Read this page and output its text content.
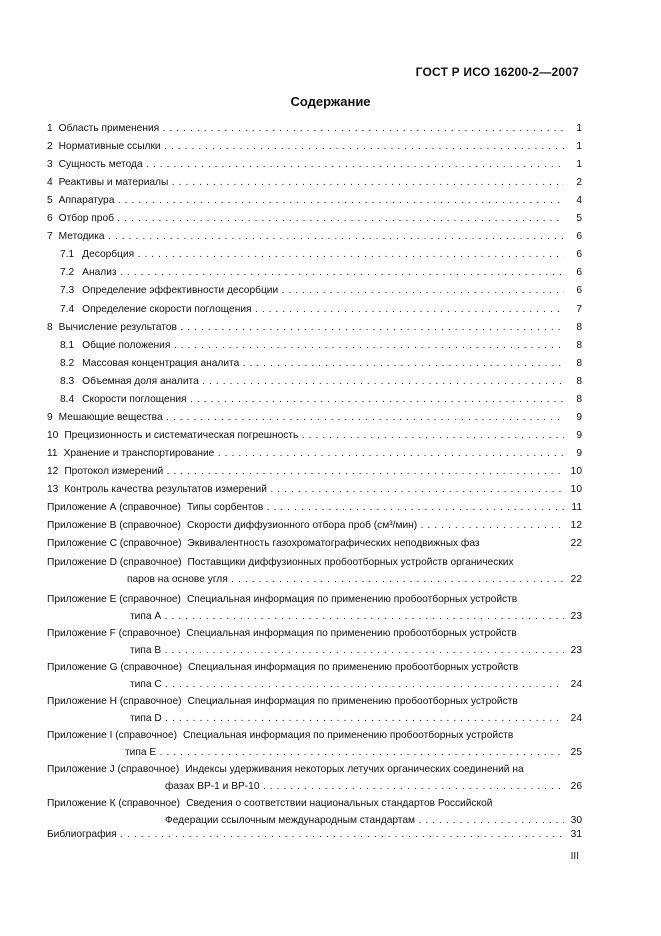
ГОСТ Р ИСО 16200-2—2007
Содержание
1 Область применения . . .	1
2 Нормативные ссылки . . .	1
3 Сущность метода . . .	1
4 Реактивы и материалы . . .	2
5 Аппаратура . . .	4
6 Отбор проб . . .	5
7 Методика . . .	6
7.1 Десорбция . . .	6
7.2 Анализ . . .	6
7.3 Определение эффективности десорбции . . .	6
7.4 Определение скорости поглощения . . .	7
8 Вычисление результатов . . .	8
8.1 Общие положения . . .	8
8.2 Массовая концентрация аналита . . .	8
8.3 Объемная доля аналита . . .	8
8.4 Скорости поглощения . . .	8
9 Мешающие вещества . . .	9
10 Прецизионность и систематическая погрешность . . .	9
11 Хранение и транспортирование . . .	9
12 Протокол измерений . . .	10
13 Контроль качества результатов измерений . . .	10
Приложение А (справочное) Типы сорбентов . . .	11
Приложение В (справочное) Скорости диффузионного отбора проб (см³/мин) . . .	12
Приложение С (справочное) Эквивалентность газохроматографических неподвижных фаз	22
Приложение D (справочное) Поставщики диффузионных пробоотборных устройств органических
паров на основе угля . . .	22
Приложение Е (справочное) Специальная информация по применению пробоотборных устройств
типа А . . .	23
Приложение F (справочное) Специальная информация по применению пробоотборных устройств
типа В . . .	23
Приложение G (справочное) Специальная информация по применению пробоотборных устройств
типа С . . .	24
Приложение Н (справочное) Специальная информация по применению пробоотборных устройств
типа D . . .	24
Приложение I (справочное) Специальная информация по применению пробоотборных устройств
типа Е . . .	25
Приложение J (справочное) Индексы удерживания некоторых летучих органических соединений на
фазах ВР-1 и ВР-10 . . .	26
Приложение К (справочное) Сведения о соответствии национальных стандартов Российской
Федерации ссылочным международным стандартам . . .	30
Библиография . . .	31
III
